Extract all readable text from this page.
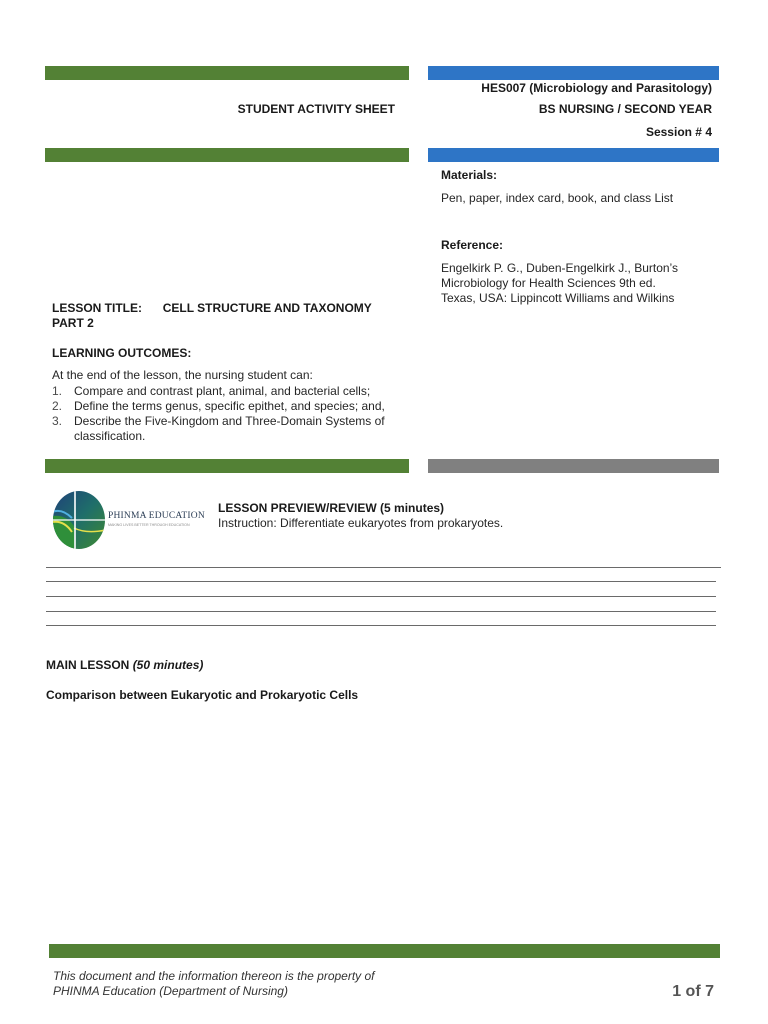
STUDENT ACTIVITY SHEET
HES007 (Microbiology and Parasitology)
BS NURSING / SECOND YEAR
Session # 4
Materials:
Pen, paper, index card, book, and class List
Reference:
Engelkirk P. G., Duben-Engelkirk J., Burton’s
Microbiology for Health Sciences 9th ed.
Texas, USA: Lippincott Williams and Wilkins
LESSON TITLE: CELL STRUCTURE AND TAXONOMY
PART 2
LEARNING OUTCOMES:
At the end of the lesson, the nursing student can:
1. Compare and contrast plant, animal, and bacterial cells;
2. Define the terms genus, specific epithet, and species; and,
3. Describe the Five-Kingdom and Three-Domain Systems of classification.
PHINMA EDUCATION
MAKING LIVES BETTER THROUGH EDUCATION
LESSON PREVIEW/REVIEW (5 minutes)
Instruction: Differentiate eukaryotes from prokaryotes.
MAIN LESSON (50 minutes)
Comparison between Eukaryotic and Prokaryotic Cells
This document and the information thereon is the property of
PHINMA Education (Department of Nursing)	1 of 7
